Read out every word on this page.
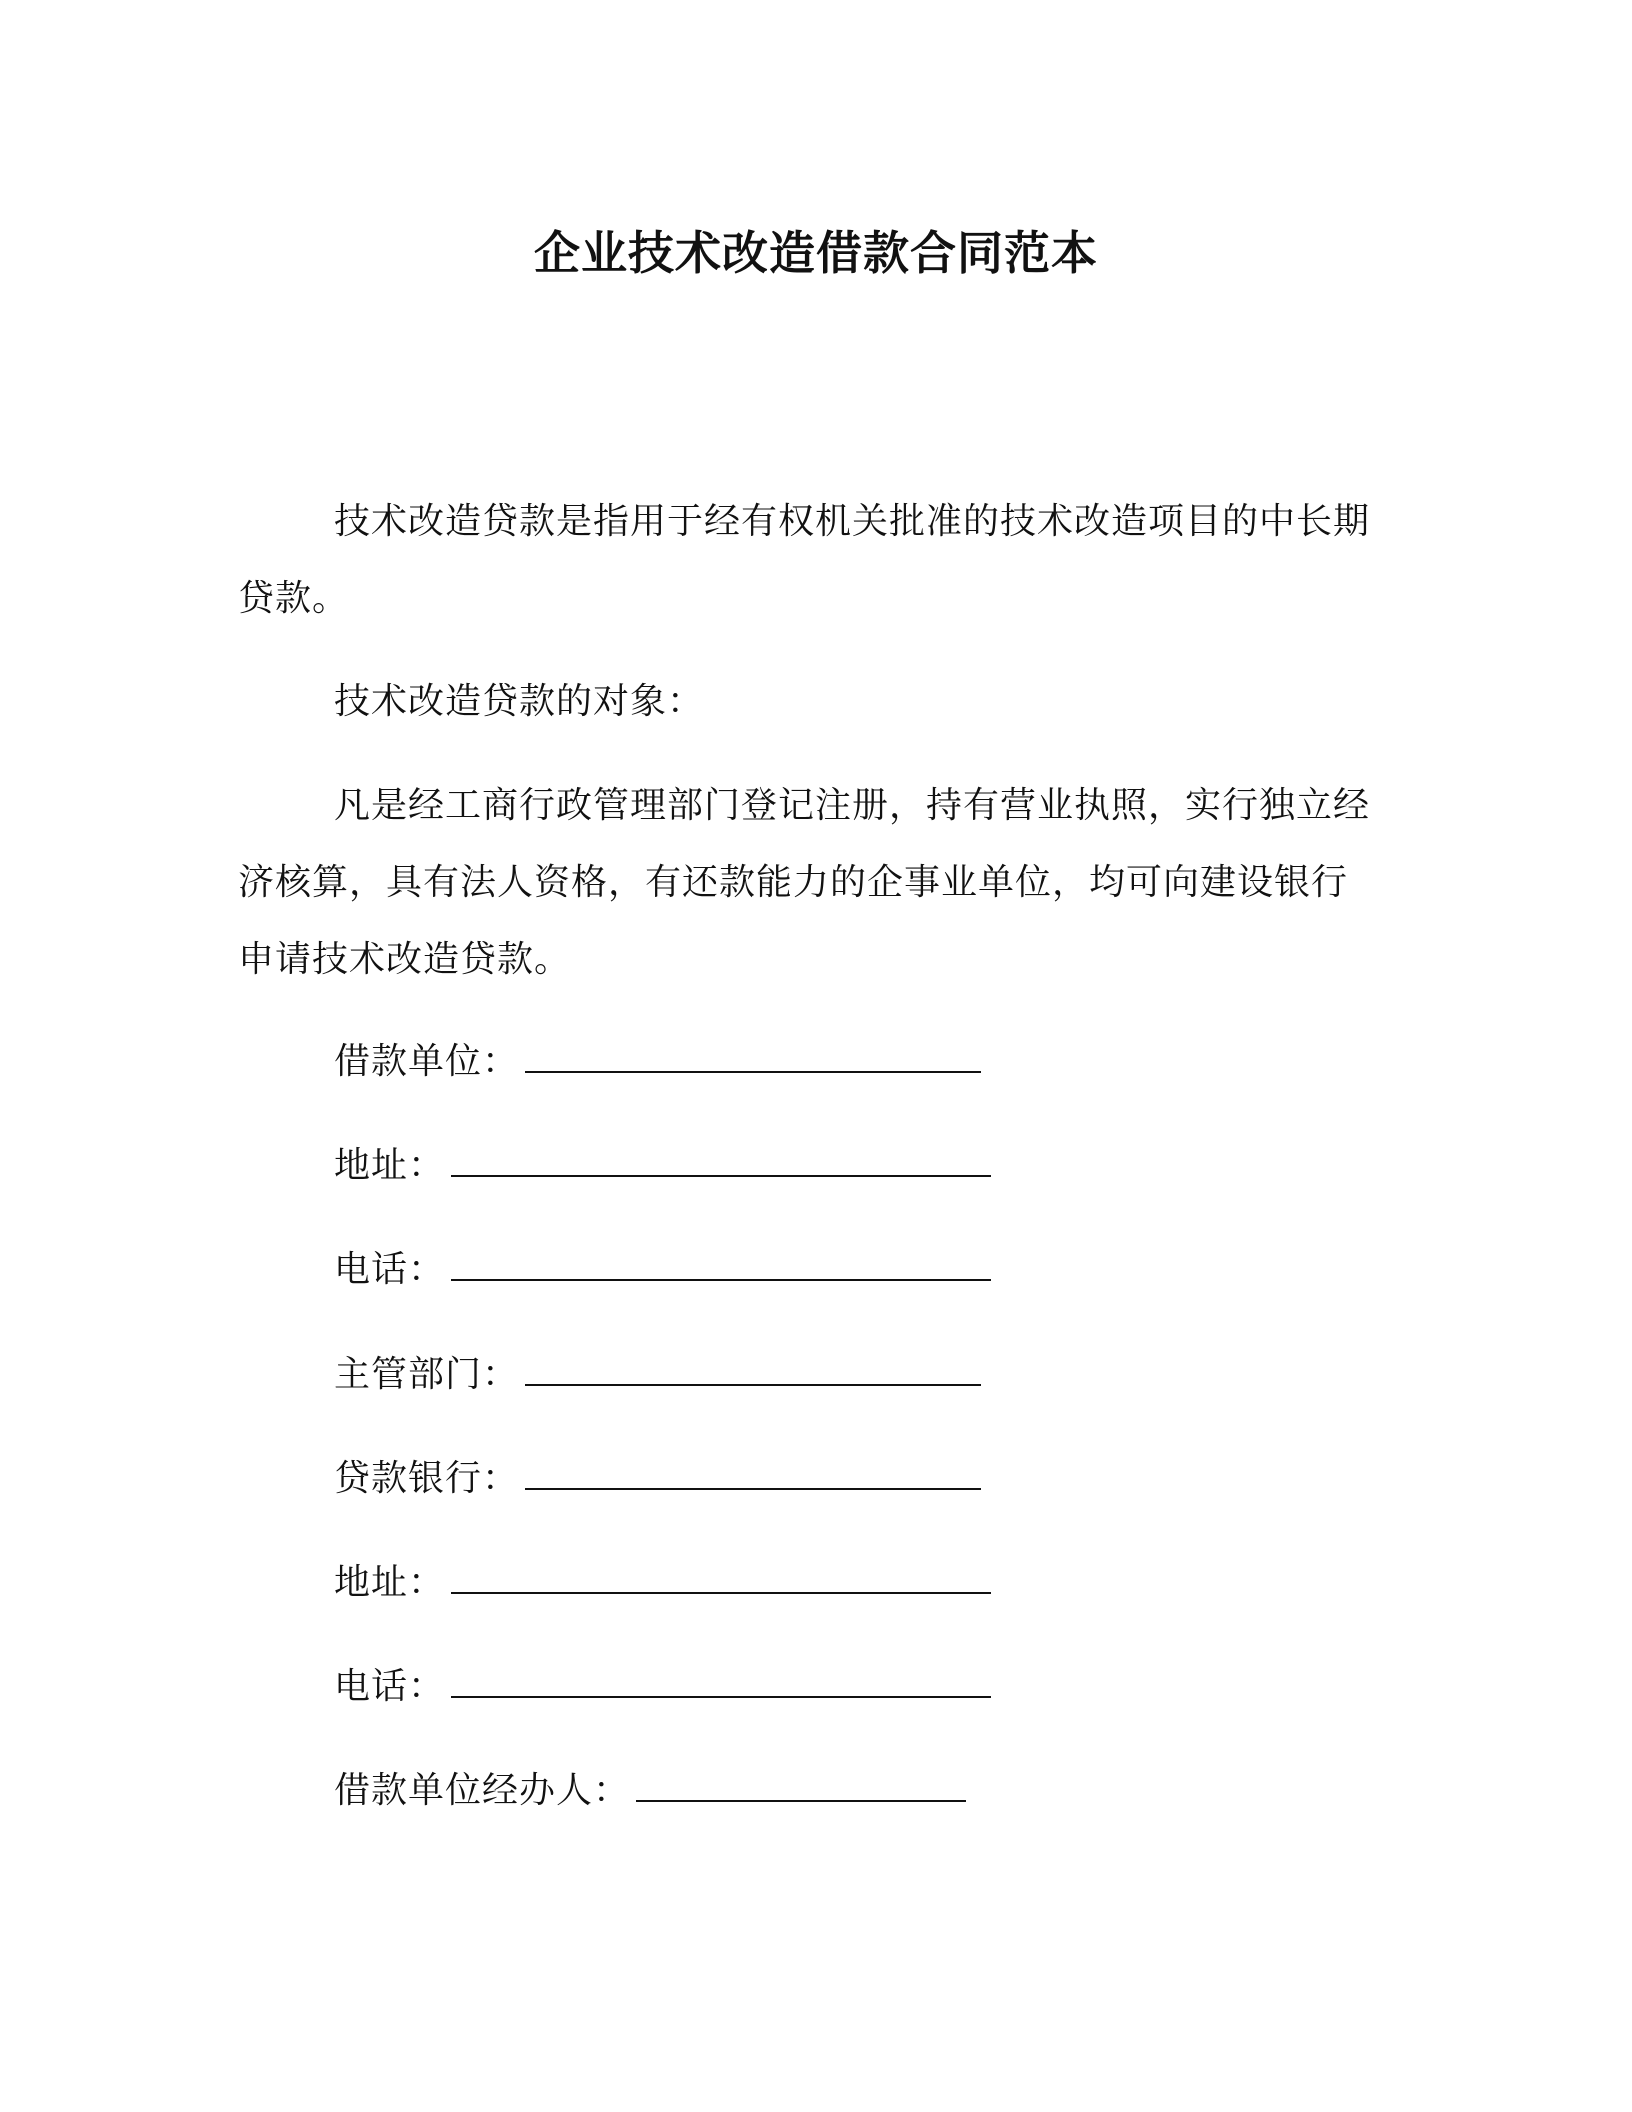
企业技术改造借款合同范本

技术改造贷款是指用于经有权机关批准的技术改造项目的中长期贷款。

技术改造贷款的对象：

凡是经工商行政管理部门登记注册，持有营业执照，实行独立经济核算，具有法人资格，有还款能力的企事业单位，均可向建设银行申请技术改造贷款。

借款单位：
地址：
电话：
主管部门：
贷款银行：
地址：
电话：
借款单位经办人：
